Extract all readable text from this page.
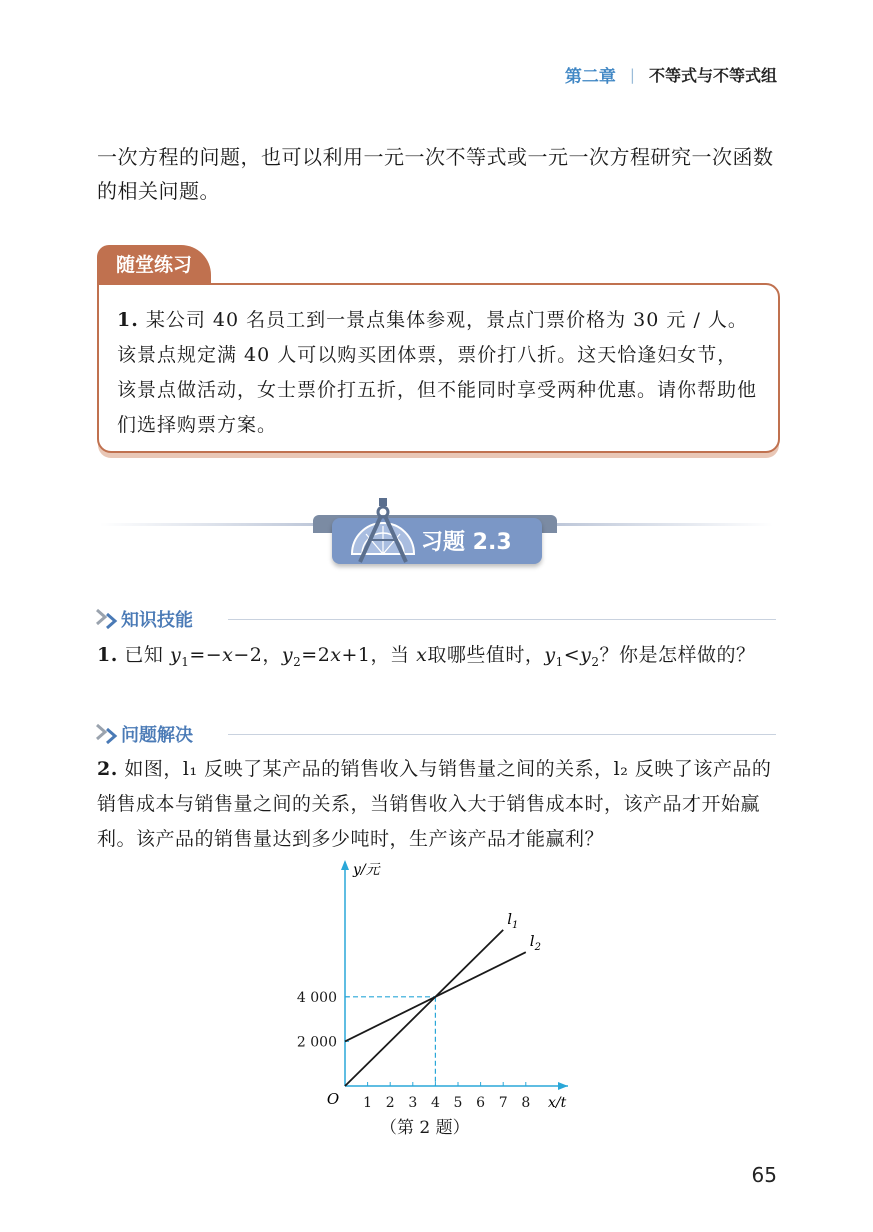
第二章 | 不等式与不等式组
一次方程的问题，也可以利用一元一次不等式或一元一次方程研究一次函数的相关问题。
随堂练习
1. 某公司 40 名员工到一景点集体参观，景点门票价格为 30 元 / 人。该景点规定满 40 人可以购买团体票，票价打八折。这天恰逢妇女节，该景点做活动，女士票价打五折，但不能同时享受两种优惠。请你帮助他们选择购票方案。
习题 2.3
知识技能
1. 已知 $y_1=-x-2$，$y_2=2x+1$，当 x取哪些值时，$y_1<y_2$？你是怎样做的？
问题解决
2. 如图，l₁ 反映了某产品的销售收入与销售量之间的关系，l₂ 反映了该产品的销售成本与销售量之间的关系，当销售收入大于销售成本时，该产品才开始赢利。该产品的销售量达到多少吨时，生产该产品才能赢利？
1 2 3 4 5 6 7 8
2 000
4 000
O	x/t
y/元
$l_1$
$l_2$
（第 2 题）
65
